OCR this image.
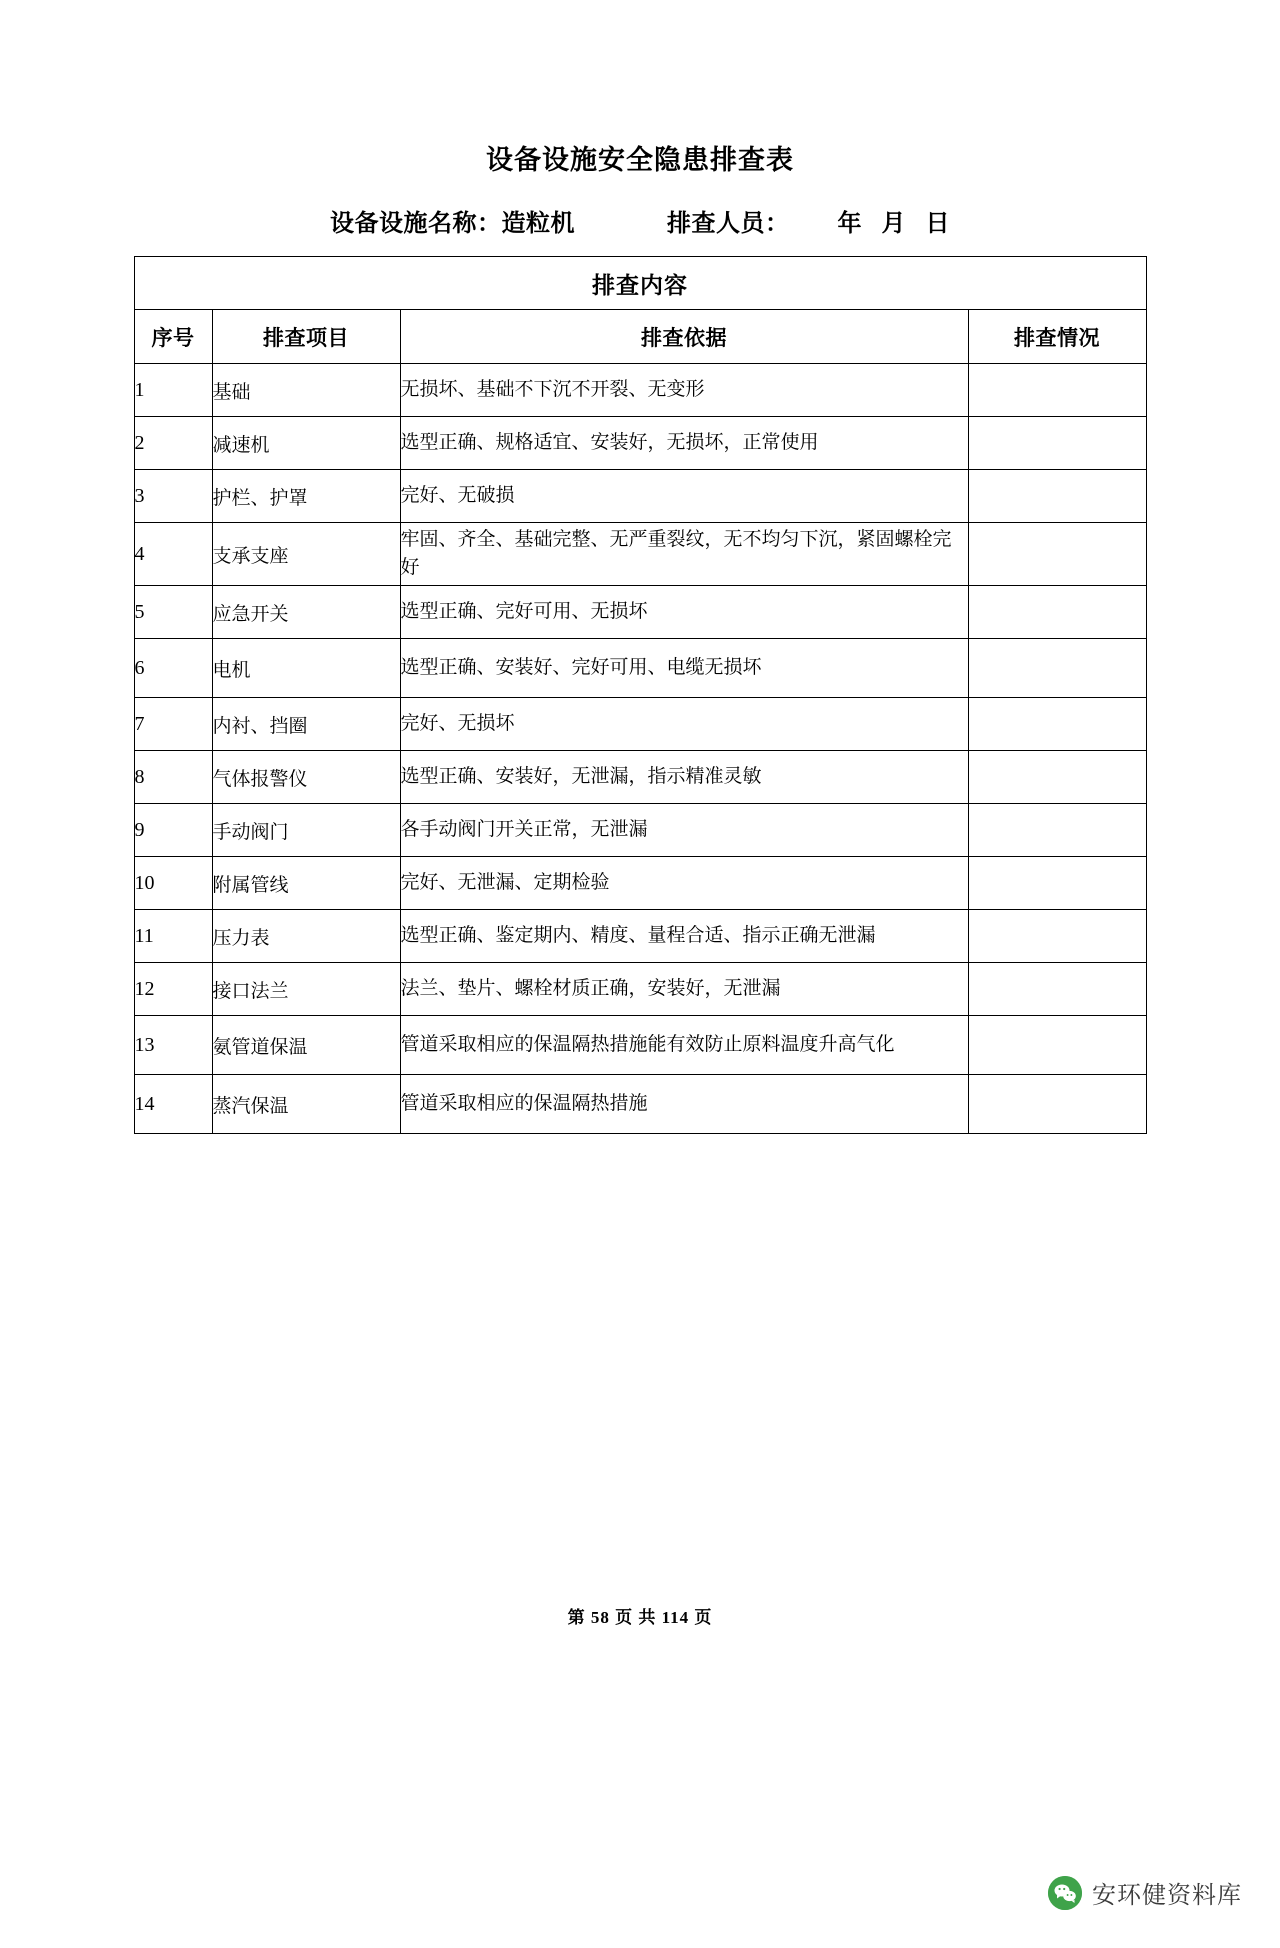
设备设施安全隐患排查表
设备设施名称： 造粒机	排查人员：	年   月   日
排查内容			
序号	排查项目	排查依据	排查情况
1	基础	无损坏、基础不下沉不开裂、无变形	
2	减速机	选型正确、规格适宜、安装好，无损坏，正常使用	
3	护栏、护罩	完好、无破损	
4	支承支座	牢固、齐全、基础完整、无严重裂纹，无不均匀下沉，紧固螺栓完好	
5	应急开关	选型正确、完好可用、无损坏	
6	电机	选型正确、安装好、完好可用、电缆无损坏	
7	内衬、挡圈	完好、无损坏	
8	气体报警仪	选型正确、安装好，无泄漏，指示精准灵敏	
9	手动阀门	各手动阀门开关正常，无泄漏	
10	附属管线	完好、无泄漏、定期检验	
11	压力表	选型正确、鉴定期内、精度、量程合适、指示正确无泄漏	
12	接口法兰	法兰、垫片、螺栓材质正确，安装好，无泄漏	
13	氨管道保温	管道采取相应的保温隔热措施能有效防止原料温度升高气化	
14	蒸汽保温	管道采取相应的保温隔热措施	
第 58 页 共 114 页
安环健资料库
